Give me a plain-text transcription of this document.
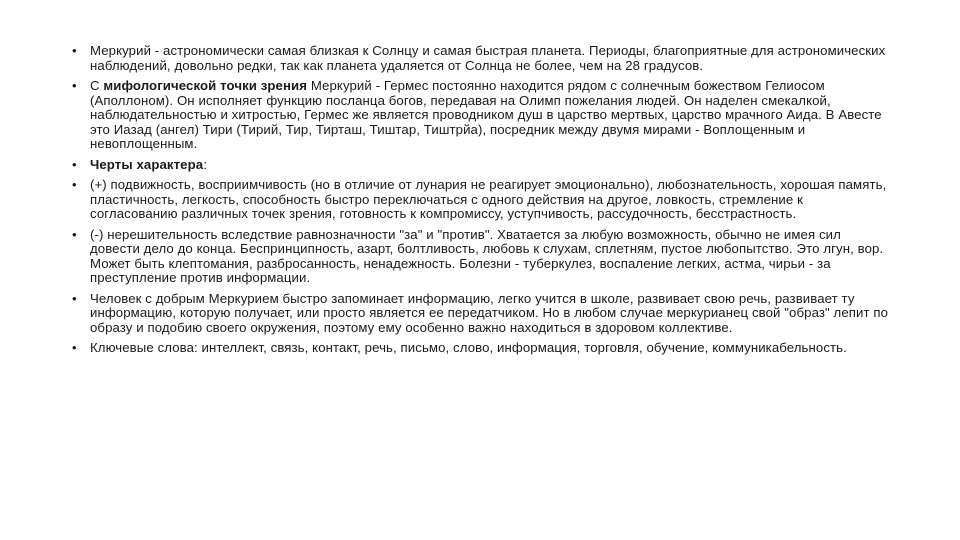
• Меркурий - астрономически самая близкая к Солнцу и самая быстрая планета. Периоды, благоприятные для астрономических наблюдений, довольно редки, так как планета удаляется от Солнца не более, чем на 28 градусов.
• С мифологической точки зрения Меркурий - Гермес постоянно находится рядом с солнечным божеством Гелиосом (Аполлоном). Он исполняет функцию посланца богов, передавая на Олимп пожелания людей. Он наделен смекалкой, наблюдательностью и хитростью, Гермес же является проводником душ в царство мертвых, царство мрачного Аида. В Авесте это Иазад (ангел) Тири (Тирий, Тир, Тирташ, Тиштар, Тиштрйа), посредник между двумя мирами - Воплощенным и невоплощенным.
• Черты характера:
• (+) подвижность, восприимчивость (но в отличие от лунария не реагирует эмоционально), любознательность, хорошая память, пластичность, легкость, способность быстро переключаться с одного действия на другое, ловкость, стремление к согласованию различных точек зрения, готовность к компромиссу, уступчивость, рассудочность, бесстрастность.
• (-) нерешительность вследствие равнозначности "за" и "против". Хватается за любую возможность, обычно не имея сил довести дело до конца. Беспринципность, азарт, болтливость, любовь к слухам, сплетням, пустое любопытство. Это лгун, вор. Может быть клептомания, разбросанность, ненадежность. Болезни - туберкулез, воспаление легких, астма, чирьи - за преступление против информации.
• Человек с добрым Меркурием быстро запоминает информацию, легко учится в школе, развивает свою речь, развивает ту информацию, которую получает, или просто является ее передатчиком. Но в любом случае меркурианец свой "образ" лепит по образу и подобию своего окружения, поэтому ему особенно важно находиться в здоровом коллективе.
• Ключевые слова: интеллект, связь, контакт, речь, письмо, слово, информация, торговля, обучение, коммуникабельность.
